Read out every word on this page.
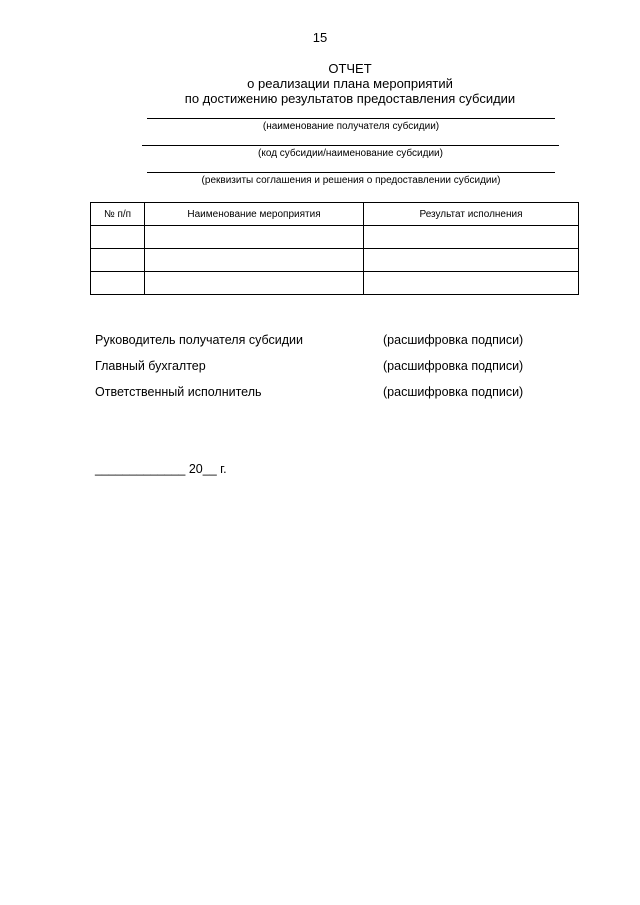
15
ОТЧЕТ
о реализации плана мероприятий
по достижению результатов предоставления субсидии
(наименование получателя субсидии)
(код субсидии/наименование субсидии)
(реквизиты соглашения и решения о предоставлении субсидии)
№ п/п	Наименование мероприятия	Результат исполнения

Руководитель получателя субсидии	(расшифровка подписи)
Главный бухгалтер	(расшифровка подписи)
Ответственный исполнитель	(расшифровка подписи)
_____________ 20__ г.
